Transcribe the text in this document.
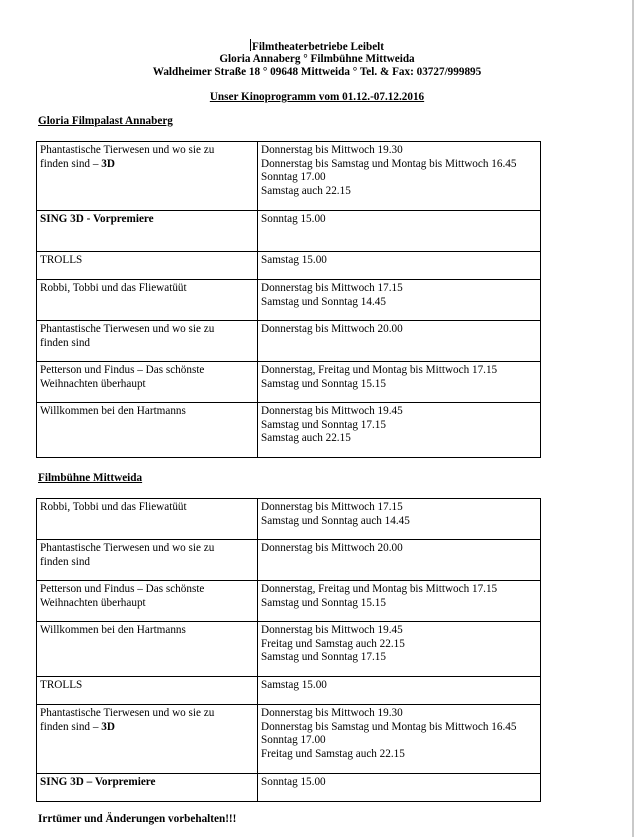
Filmtheaterbetriebe Leibelt
Gloria Annaberg ° Filmbühne Mittweida
Waldheimer Straße 18 ° 09648 Mittweida ° Tel. & Fax: 03727/999895
Unser Kinoprogramm vom 01.12.-07.12.2016
Gloria Filmpalast Annaberg
Phantastische Tierwesen und wo sie zu
finden sind – 3D	Donnerstag bis Mittwoch 19.30
Donnerstag bis Samstag und Montag bis Mittwoch 16.45
Sonntag 17.00
Samstag auch 22.15

SING 3D - Vorpremiere	Sonntag 15.00

TROLLS	Samstag 15.00

Robbi, Tobbi und das Fliewatüüt	Donnerstag bis Mittwoch 17.15
Samstag und Sonntag 14.45

Phantastische Tierwesen und wo sie zu
finden sind	Donnerstag bis Mittwoch 20.00

Petterson und Findus – Das schönste
Weihnachten überhaupt	Donnerstag, Freitag und Montag bis Mittwoch 17.15
Samstag und Sonntag 15.15

Willkommen bei den Hartmanns	Donnerstag bis Mittwoch 19.45
Samstag und Sonntag 17.15
Samstag auch 22.15
Filmbühne Mittweida
Robbi, Tobbi und das Fliewatüüt	Donnerstag bis Mittwoch 17.15
Samstag und Sonntag auch 14.45

Phantastische Tierwesen und wo sie zu
finden sind	Donnerstag bis Mittwoch 20.00

Petterson und Findus – Das schönste
Weihnachten überhaupt	Donnerstag, Freitag und Montag bis Mittwoch 17.15
Samstag und Sonntag 15.15

Willkommen bei den Hartmanns	Donnerstag bis Mittwoch 19.45
Freitag und Samstag auch 22.15
Samstag und Sonntag 17.15

TROLLS	Samstag 15.00

Phantastische Tierwesen und wo sie zu
finden sind – 3D	Donnerstag bis Mittwoch 19.30
Donnerstag bis Samstag und Montag bis Mittwoch 16.45
Sonntag 17.00
Freitag und Samstag auch 22.15

SING 3D – Vorpremiere	Sonntag 15.00
Irrtümer und Änderungen vorbehalten!!!
